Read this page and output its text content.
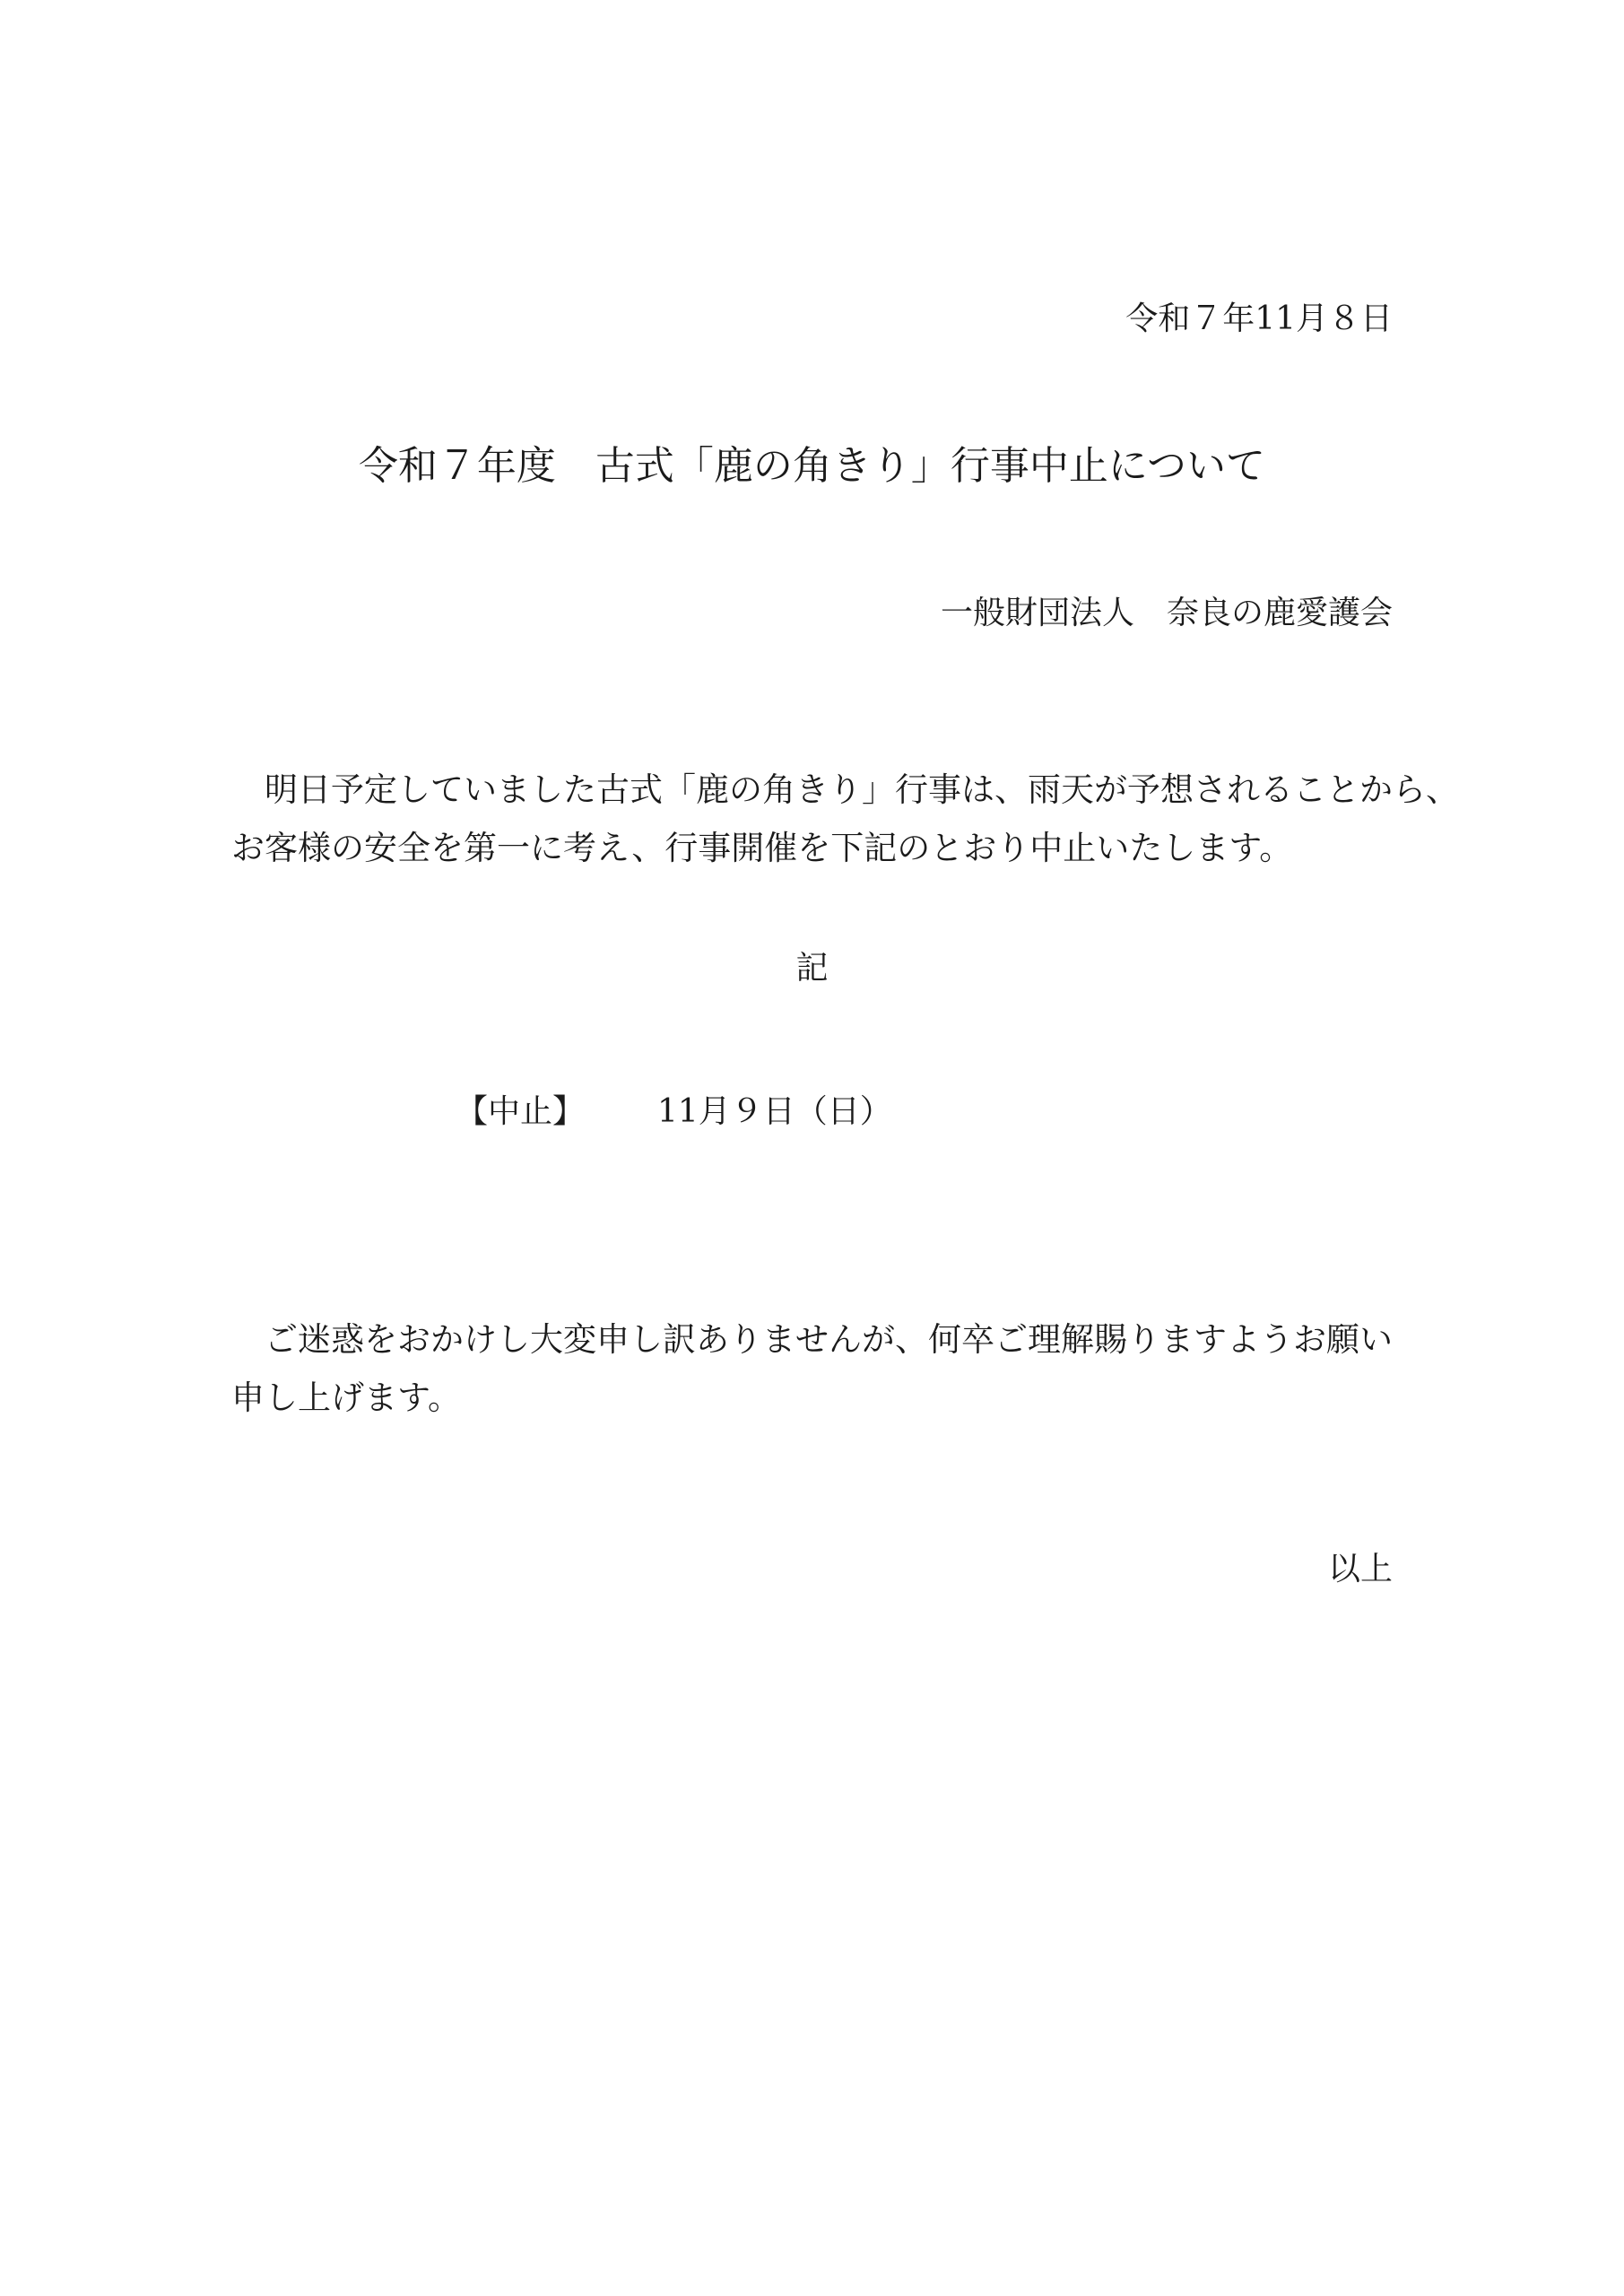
令和７年11月８日
令和７年度　古式「鹿の角きり」行事中止について
一般財団法人　奈良の鹿愛護会
　明日予定していました古式「鹿の角きり」行事は、雨天が予想されることから、
お客様の安全を第一に考え、行事開催を下記のとおり中止いたします。
記
【中止】 11月９日（日）
　ご迷惑をおかけし大変申し訳ありませんが、何卒ご理解賜りますようお願い
申し上げます。
以上
